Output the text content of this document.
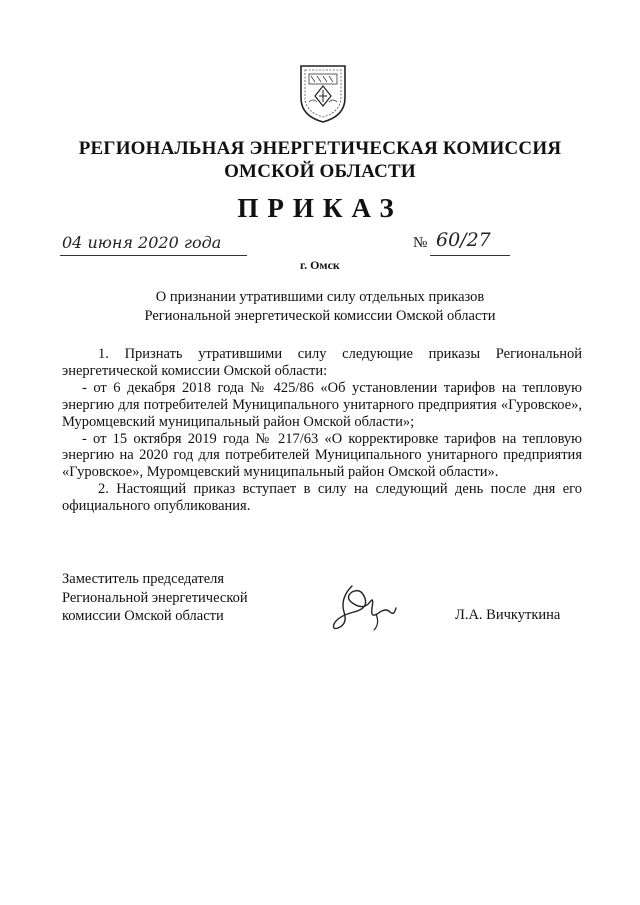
РЕГИОНАЛЬНАЯ ЭНЕРГЕТИЧЕСКАЯ КОМИССИЯ
ОМСКОЙ ОБЛАСТИ
ПРИКАЗ
04 июня 2020 года	№ 60/27
г. Омск
О признании утратившими силу отдельных приказов
Региональной энергетической комиссии Омской области

1. Признать утратившими силу следующие приказы Региональной энергетической комиссии Омской области:

- от 6 декабря 2018 года № 425/86 «Об установлении тарифов на тепловую энергию для потребителей Муниципального унитарного предприятия «Гуровское», Муромцевский муниципальный район Омской области»;

- от 15 октября 2019 года № 217/63 «О корректировке тарифов на тепловую энергию на 2020 год для потребителей Муниципального унитарного предприятия «Гуровское», Муромцевский муниципальный район Омской области».

2. Настоящий приказ вступает в силу на следующий день после дня его официального опубликования.

Заместитель председателя
Региональной энергетической
комиссии Омской области	Л.А. Вичкуткина
